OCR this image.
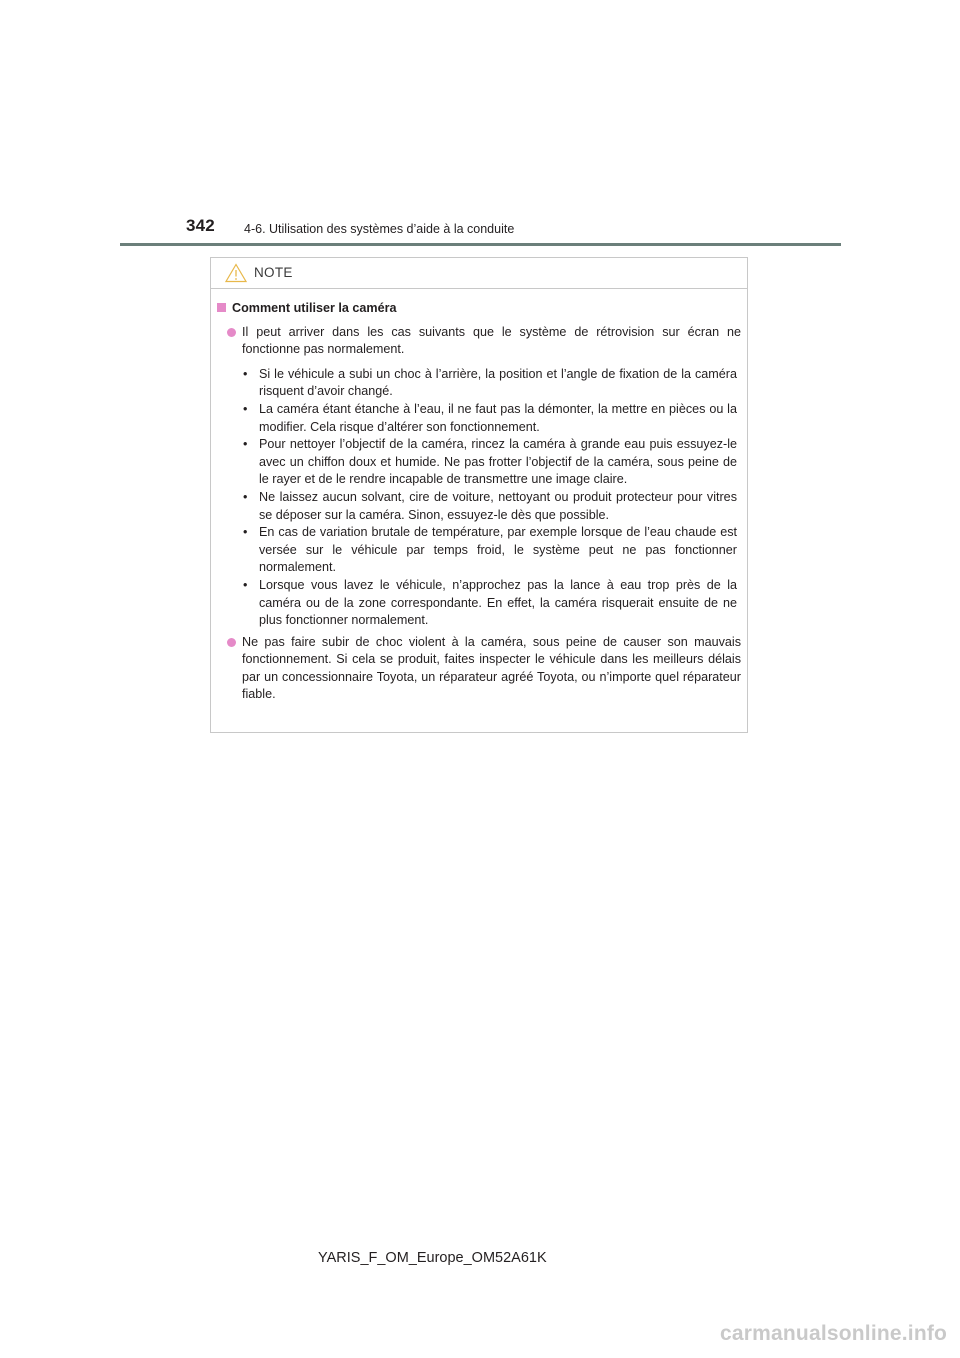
342 4-6. Utilisation des systèmes d’aide à la conduite
NOTE
Comment utiliser la caméra
Il peut arriver dans les cas suivants que le système de rétrovision sur écran ne fonctionne pas normalement.
• Si le véhicule a subi un choc à l’arrière, la position et l’angle de fixation de la caméra risquent d’avoir changé.
• La caméra étant étanche à l’eau, il ne faut pas la démonter, la mettre en pièces ou la modifier. Cela risque d’altérer son fonctionnement.
• Pour nettoyer l’objectif de la caméra, rincez la caméra à grande eau puis essuyez-le avec un chiffon doux et humide. Ne pas frotter l’objectif de la caméra, sous peine de le rayer et de le rendre incapable de transmettre une image claire.
• Ne laissez aucun solvant, cire de voiture, nettoyant ou produit protecteur pour vitres se déposer sur la caméra. Sinon, essuyez-le dès que possible.
• En cas de variation brutale de température, par exemple lorsque de l’eau chaude est versée sur le véhicule par temps froid, le système peut ne pas fonctionner normalement.
• Lorsque vous lavez le véhicule, n’approchez pas la lance à eau trop près de la caméra ou de la zone correspondante. En effet, la caméra risquerait ensuite de ne plus fonctionner normalement.
Ne pas faire subir de choc violent à la caméra, sous peine de causer son mauvais fonctionnement. Si cela se produit, faites inspecter le véhicule dans les meilleurs délais par un concessionnaire Toyota, un réparateur agréé Toyota, ou n’importe quel réparateur fiable.
YARIS_F_OM_Europe_OM52A61K
carmanualsonline.info
